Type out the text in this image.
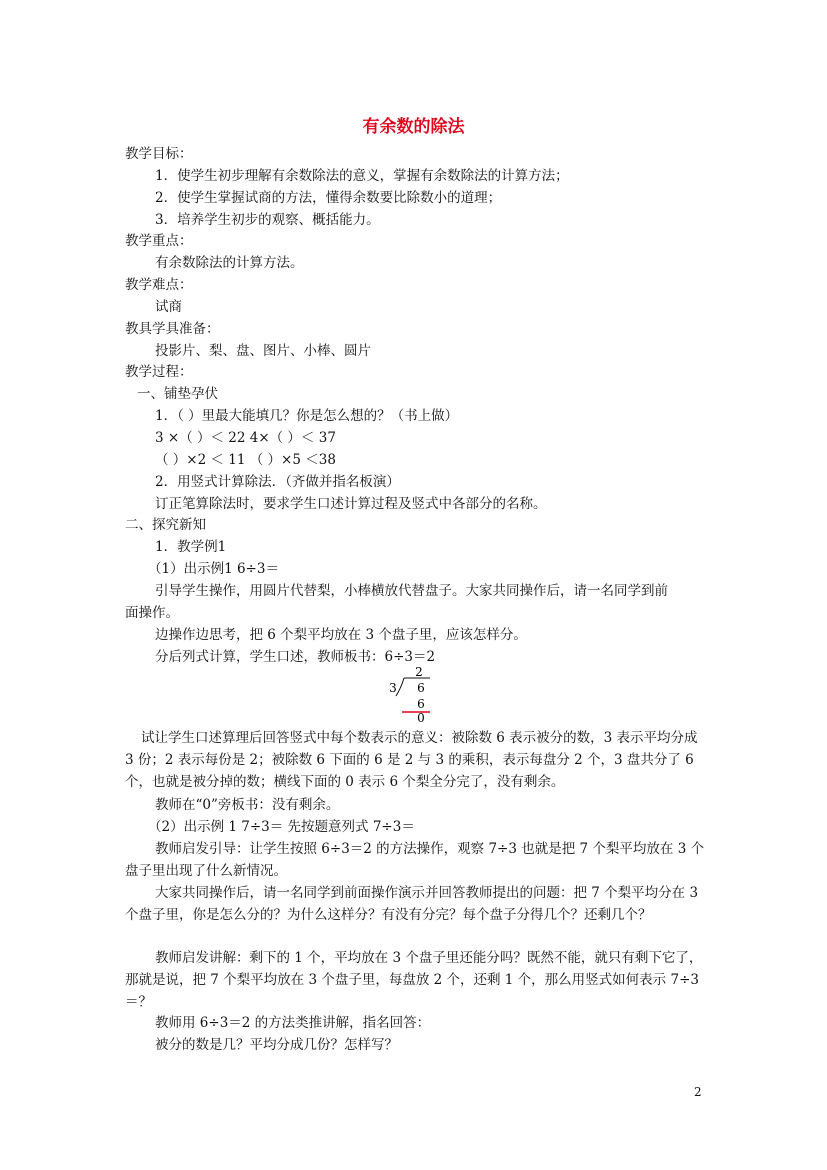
有余数的除法
教学目标：
1．使学生初步理解有余数除法的意义，掌握有余数除法的计算方法；
2．使学生掌握试商的方法，懂得余数要比除数小的道理；
3．培养学生初步的观察、概括能力。
教学重点：
有余数除法的计算方法。
教学难点：
试商
教具学具准备：
投影片、梨、盘、图片、小棒、圆片
教学过程：
一、铺垫孕伏
1．（ ）里最大能填几？你是怎么想的？（书上做）
3 ×（ ）＜ 22 4×（ ）＜ 37
（ ）×2 ＜ 11 （ ）×5 ＜38
2．用竖式计算除法．（齐做并指名板演）
订正笔算除法时，要求学生口述计算过程及竖式中各部分的名称。
二、探究新知
1．教学例1
（1）出示例1 6÷3＝
引导学生操作，用圆片代替梨，小棒横放代替盘子。大家共同操作后，请一名同学到前
面操作。
边操作边思考，把 6 个梨平均放在 3 个盘子里，应该怎样分。
分后列式计算，学生口述，教师板书：6÷3＝2
2
3 6
6
0
试让学生口述算理后回答竖式中每个数表示的意义：被除数 6 表示被分的数，3 表示平均分成 3 份；2 表示每份是 2；被除数 6 下面的 6 是 2 与 3 的乘积，表示每盘分 2 个，3 盘共分了 6 个，也就是被分掉的数；横线下面的 0 表示 6 个梨全分完了，没有剩余。
教师在“0”旁板书：没有剩余。
（2）出示例 1 7÷3＝ 先按题意列式 7÷3＝
教师启发引导：让学生按照 6÷3＝2 的方法操作，观察 7÷3 也就是把 7 个梨平均放在 3 个盘子里出现了什么新情况。
大家共同操作后，请一名同学到前面操作演示并回答教师提出的问题：把 7 个梨平均分在 3 个盘子里，你是怎么分的？为什么这样分？有没有分完？每个盘子分得几个？还剩几个？
教师启发讲解：剩下的 1 个，平均放在 3 个盘子里还能分吗？既然不能，就只有剩下它了，那就是说，把 7 个梨平均放在 3 个盘子里，每盘放 2 个，还剩 1 个，那么用竖式如何表示 7÷3＝？
教师用 6÷3＝2 的方法类推讲解，指名回答：
被分的数是几？平均分成几份？怎样写？
2
